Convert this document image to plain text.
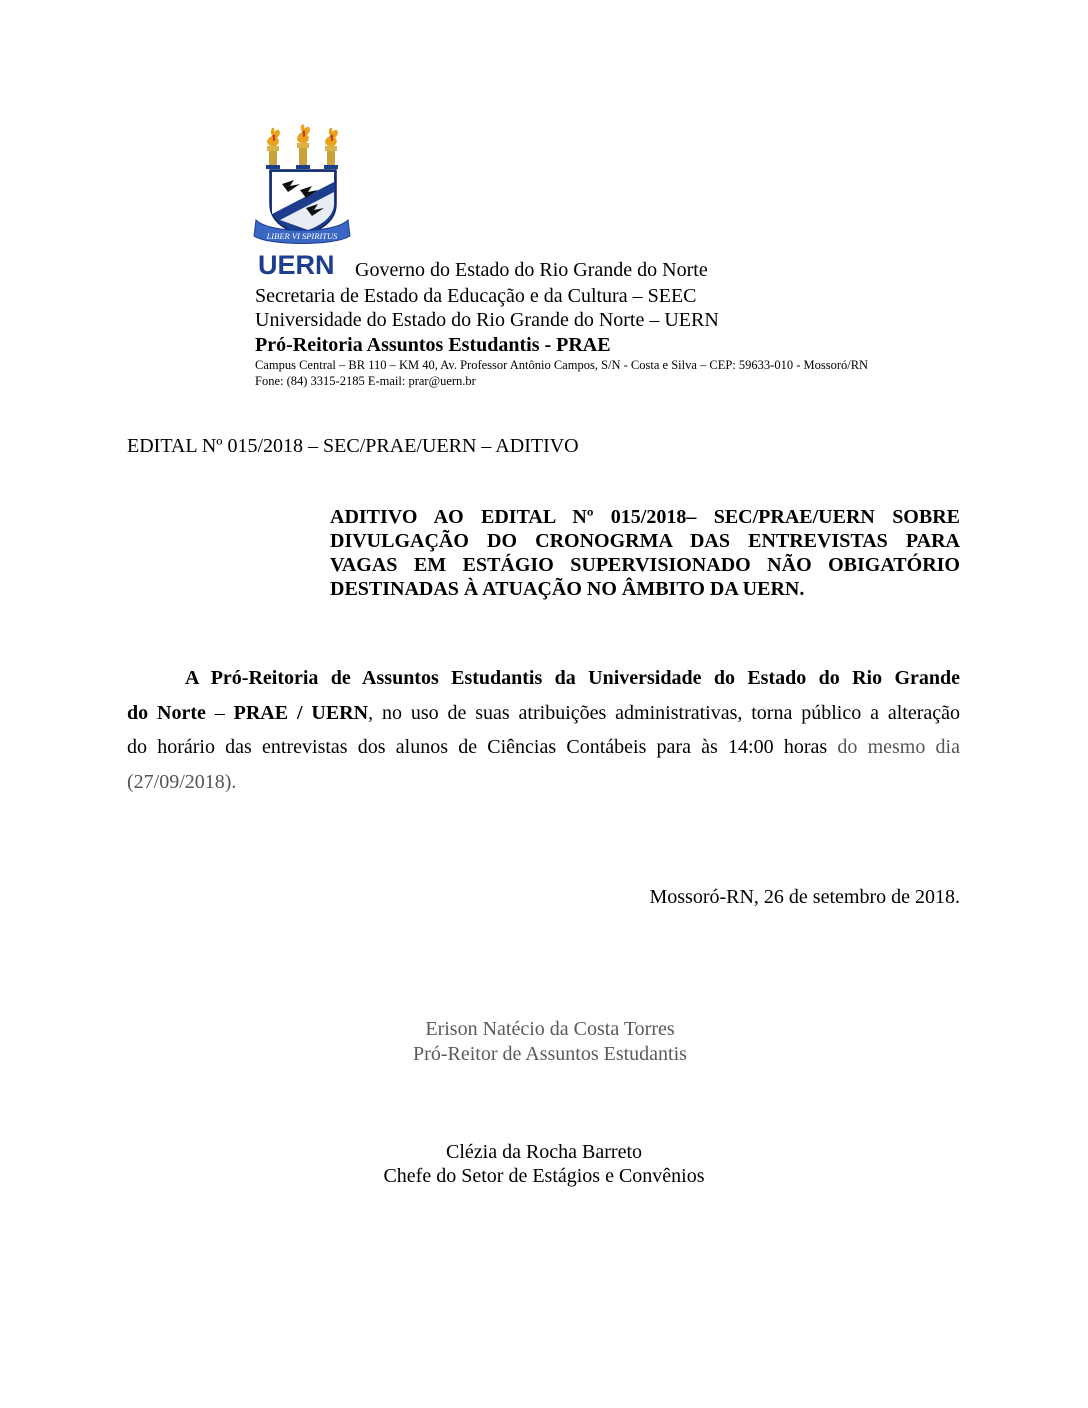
LIBER VI SPIRITUS
UERN Governo do Estado do Rio Grande do Norte
Secretaria de Estado da Educação e da Cultura – SEEC
Universidade do Estado do Rio Grande do Norte – UERN
Pró-Reitoria Assuntos Estudantis - PRAE
Campus Central – BR 110 – KM 40, Av. Professor Antônio Campos, S/N - Costa e Silva – CEP: 59633-010 - Mossoró/RN
Fone: (84) 3315-2185 E-mail: prar@uern.br
EDITAL Nº 015/2018 – SEC/PRAE/UERN – ADITIVO
ADITIVO AO EDITAL Nº 015/2018– SEC/PRAE/UERN SOBRE
DIVULGAÇÃO DO CRONOGRMA DAS ENTREVISTAS PARA
VAGAS EM ESTÁGIO SUPERVISIONADO NÃO OBIGATÓRIO
DESTINADAS À ATUAÇÃO NO ÂMBITO DA UERN.
A Pró-Reitoria de Assuntos Estudantis da Universidade do Estado do Rio Grande
do Norte – PRAE / UERN, no uso de suas atribuições administrativas, torna público a alteração
do horário das entrevistas dos alunos de Ciências Contábeis para às 14:00 horas do mesmo dia
(27/09/2018).
Mossoró-RN, 26 de setembro de 2018.
Erison Natécio da Costa Torres
Pró-Reitor de Assuntos Estudantis
Clézia da Rocha Barreto
Chefe do Setor de Estágios e Convênios
